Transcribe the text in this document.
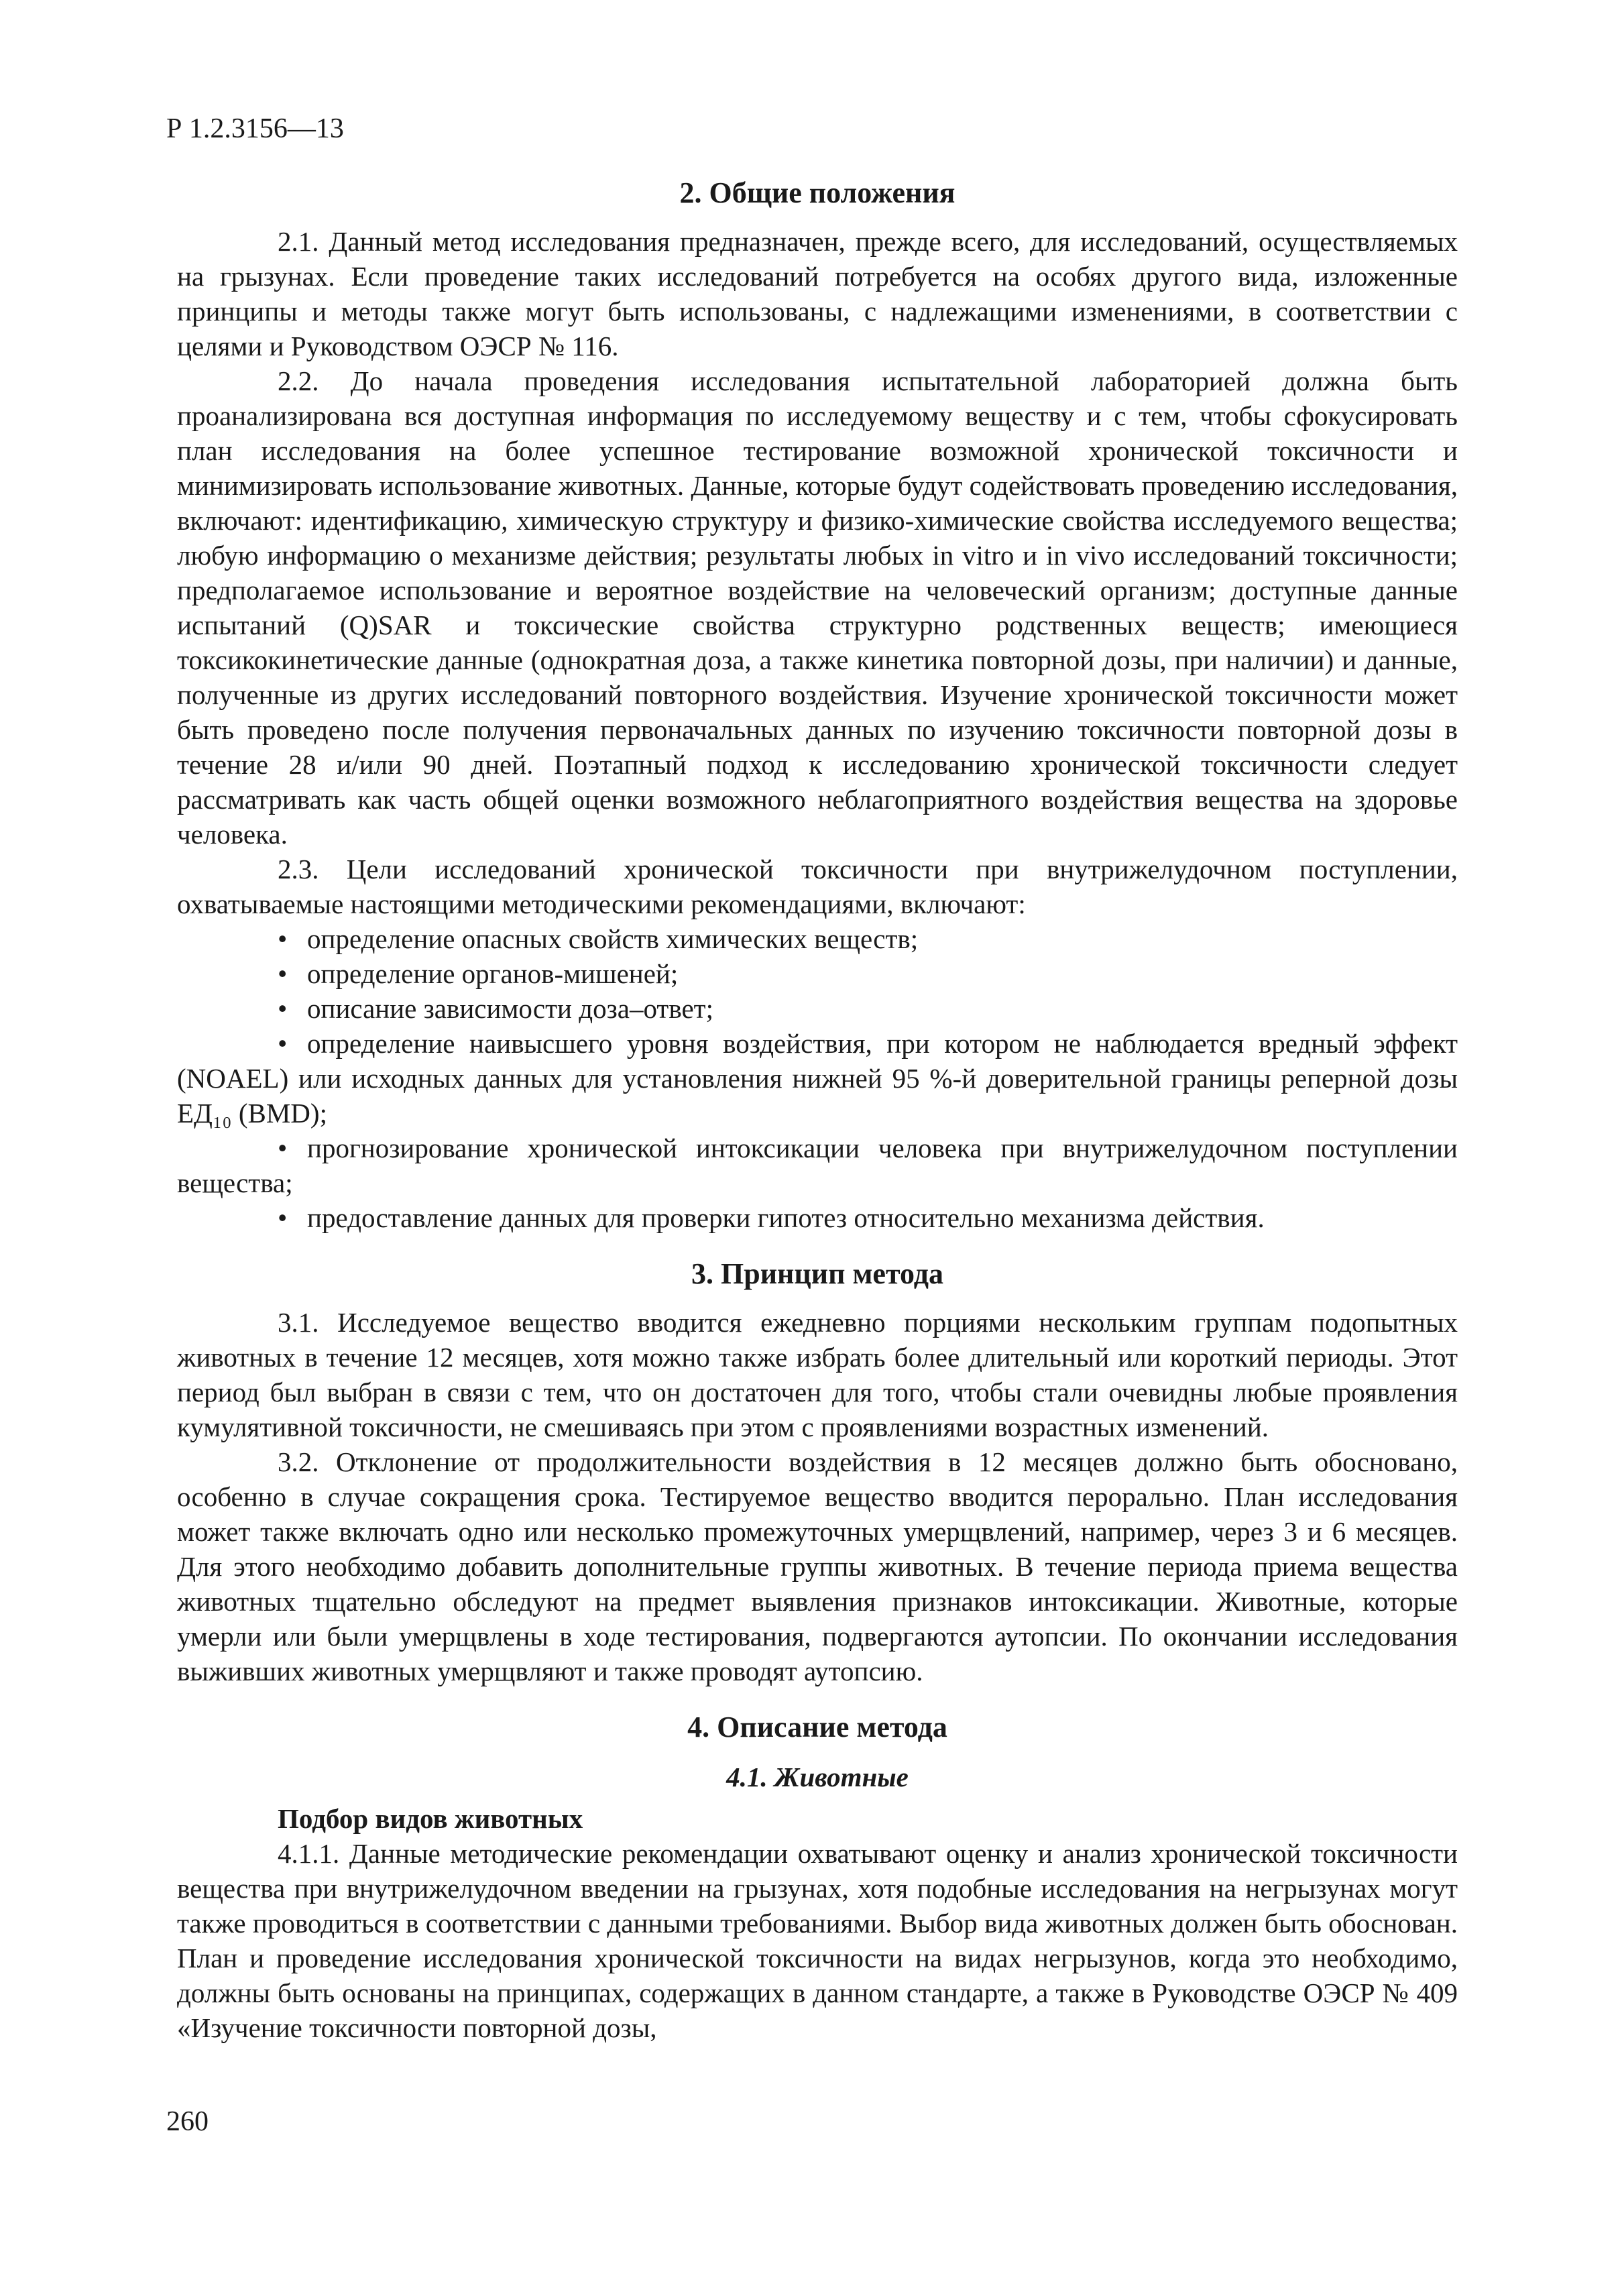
Р 1.2.3156—13
2. Общие положения

2.1. Данный метод исследования предназначен, прежде всего, для исследований, осуществляемых на грызунах. Если проведение таких исследований потребуется на особях другого вида, изложенные принципы и методы также могут быть использованы, с надлежащими изменениями, в соответствии с целями и Руководством ОЭСР № 116.

2.2. До начала проведения исследования испытательной лабораторией должна быть проанализирована вся доступная информация по исследуемому веществу и с тем, чтобы сфокусировать план исследования на более успешное тестирование возможной хронической токсичности и минимизировать использование животных. Данные, которые будут содействовать проведению исследования, включают: идентификацию, химическую структуру и физико-химические свойства исследуемого вещества; любую информацию о механизме действия; результаты любых in vitro и in vivo исследований токсичности; предполагаемое использование и вероятное воздействие на человеческий организм; доступные данные испытаний (Q)SAR и токсические свойства структурно родственных веществ; имеющиеся токсикокинетические данные (однократная доза, а также кинетика повторной дозы, при наличии) и данные, полученные из других исследований повторного воздействия. Изучение хронической токсичности может быть проведено после получения первоначальных данных по изучению токсичности повторной дозы в течение 28 и/или 90 дней. Поэтапный подход к исследованию хронической токсичности следует рассматривать как часть общей оценки возможного неблагоприятного воздействия вещества на здоровье человека.

2.3. Цели исследований хронической токсичности при внутрижелудочном поступлении, охватываемые настоящими методическими рекомендациями, включают:

• определение опасных свойств химических веществ;
• определение органов-мишеней;
• описание зависимости доза–ответ;
• определение наивысшего уровня воздействия, при котором не наблюдается вредный эффект (NOAEL) или исходных данных для установления нижней 95 %-й доверительной границы реперной дозы ЕД₁₀ (BMD);
• прогнозирование хронической интоксикации человека при внутрижелудочном поступлении вещества;
• предоставление данных для проверки гипотез относительно механизма действия.
3. Принцип метода

3.1. Исследуемое вещество вводится ежедневно порциями нескольким группам подопытных животных в течение 12 месяцев, хотя можно также избрать более длительный или короткий периоды. Этот период был выбран в связи с тем, что он достаточен для того, чтобы стали очевидны любые проявления кумулятивной токсичности, не смешиваясь при этом с проявлениями возрастных изменений.

3.2. Отклонение от продолжительности воздействия в 12 месяцев должно быть обосновано, особенно в случае сокращения срока. Тестируемое вещество вводится перорально. План исследования может также включать одно или несколько промежуточных умерщвлений, например, через 3 и 6 месяцев. Для этого необходимо добавить дополнительные группы животных. В течение периода приема вещества животных тщательно обследуют на предмет выявления признаков интоксикации. Животные, которые умерли или были умерщвлены в ходе тестирования, подвергаются аутопсии. По окончании исследования выживших животных умерщвляют и также проводят аутопсию.

4. Описание метода
4.1. Животные
Подбор видов животных

4.1.1. Данные методические рекомендации охватывают оценку и анализ хронической токсичности вещества при внутрижелудочном введении на грызунах, хотя подобные исследования на негрызунах могут также проводиться в соответствии с данными требованиями. Выбор вида животных должен быть обоснован. План и проведение исследования хронической токсичности на видах негрызунов, когда это необходимо, должны быть основаны на принципах, содержащих в данном стандарте, а также в Руководстве ОЭСР № 409 «Изучение токсичности повторной дозы,

260
